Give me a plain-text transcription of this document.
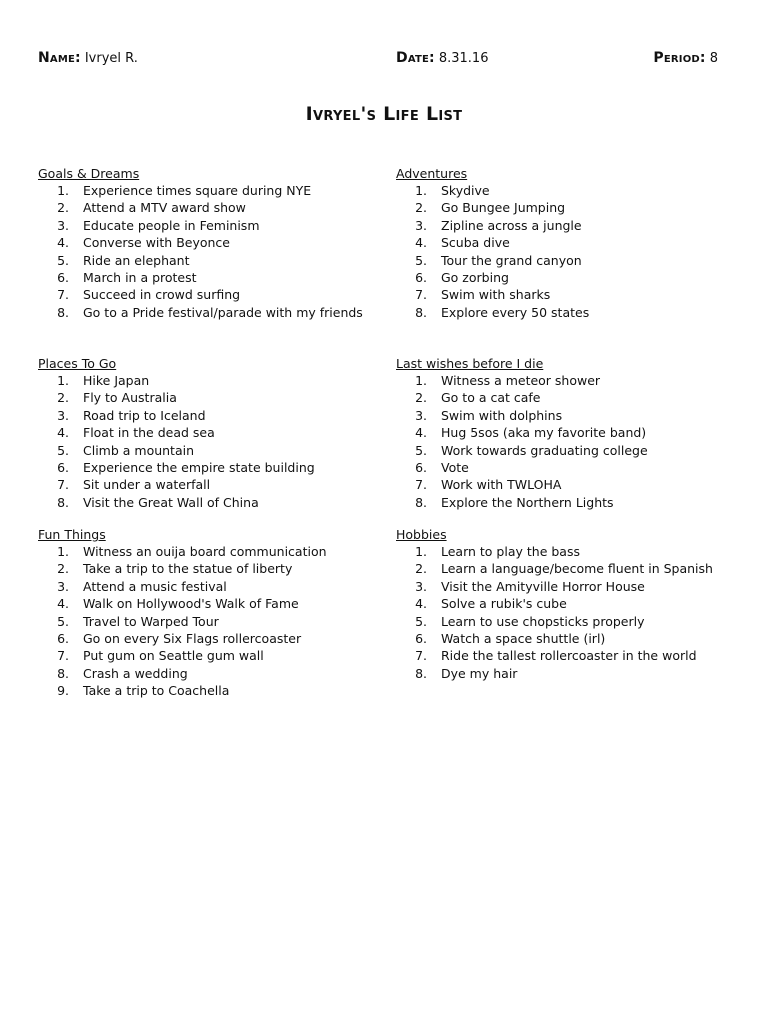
Name: Ivryel R.	Date: 8.31.16	Period: 8
Ivryel's Life List
Goals & Dreams
1. Experience times square during NYE
2. Attend a MTV award show
3. Educate people in Feminism
4. Converse with Beyonce
5. Ride an elephant
6. March in a protest
7. Succeed in crowd surfing
8. Go to a Pride festival/parade with my friends
Adventures
1. Skydive
2. Go Bungee Jumping
3. Zipline across a jungle
4. Scuba dive
5. Tour the grand canyon
6. Go zorbing
7. Swim with sharks
8. Explore every 50 states
Places To Go
1. Hike Japan
2. Fly to Australia
3. Road trip to Iceland
4. Float in the dead sea
5. Climb a mountain
6. Experience the empire state building
7. Sit under a waterfall
8. Visit the Great Wall of China
Last wishes before I die
1. Witness a meteor shower
2. Go to a cat cafe
3. Swim with dolphins
4. Hug 5sos (aka my favorite band)
5. Work towards graduating college
6. Vote
7. Work with TWLOHA
8. Explore the Northern Lights
Fun Things
1. Witness an ouija board communication
2. Take a trip to the statue of liberty
3. Attend a music festival
4. Walk on Hollywood's Walk of Fame
5. Travel to Warped Tour
6. Go on every Six Flags rollercoaster
7. Put gum on Seattle gum wall
8. Crash a wedding
9. Take a trip to Coachella
Hobbies
1. Learn to play the bass
2. Learn a language/become fluent in Spanish
3. Visit the Amityville Horror House
4. Solve a rubik's cube
5. Learn to use chopsticks properly
6. Watch a space shuttle (irl)
7. Ride the tallest rollercoaster in the world
8. Dye my hair
